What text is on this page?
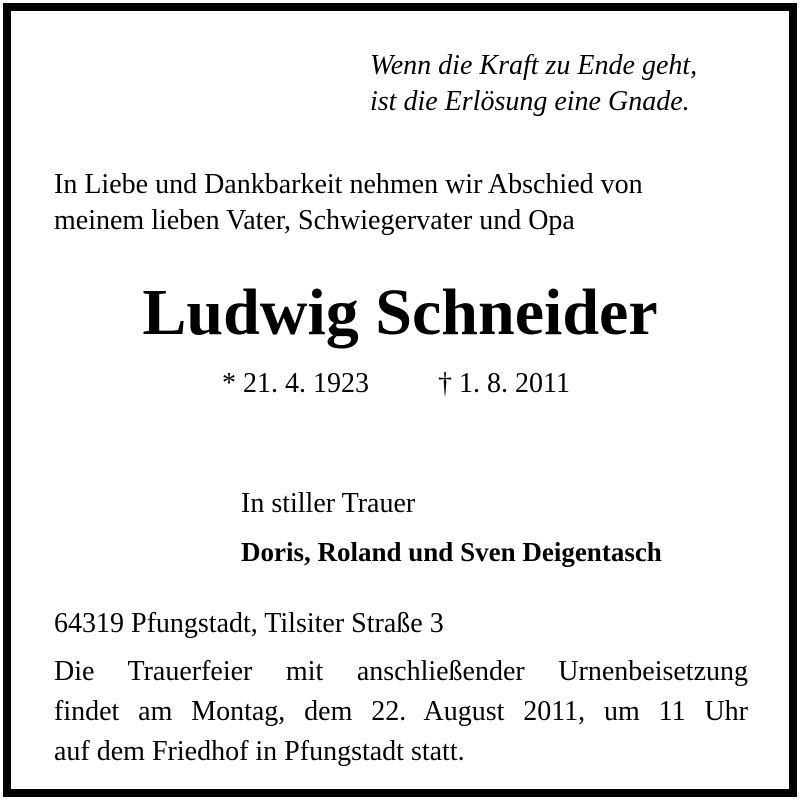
Wenn die Kraft zu Ende geht,
ist die Erlösung eine Gnade.
In Liebe und Dankbarkeit nehmen wir Abschied von
meinem lieben Vater, Schwiegervater und Opa
Ludwig Schneider
* 21. 4. 1923 † 1. 8. 2011
In stiller Trauer
Doris, Roland und Sven Deigentasch
64319 Pfungstadt, Tilsiter Straße 3
Die Trauerfeier mit anschließender Urnenbeisetzung
findet am Montag, dem 22. August 2011, um 11 Uhr
auf dem Friedhof in Pfungstadt statt.
